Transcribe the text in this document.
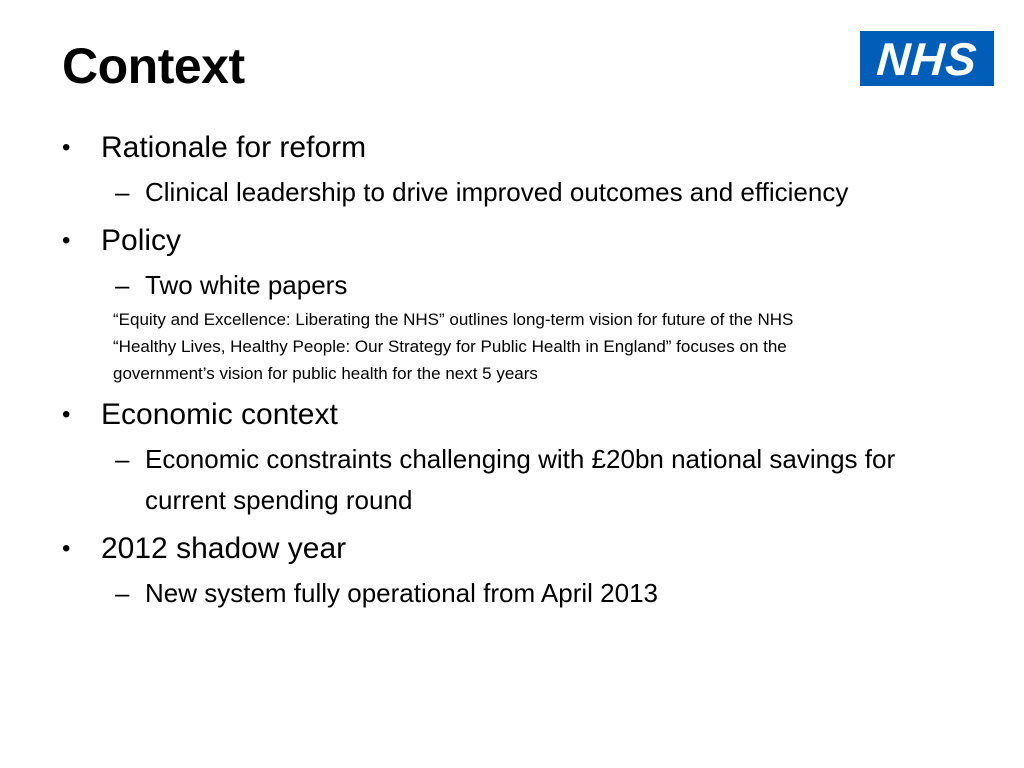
Context	NHS
• Rationale for reform
– Clinical leadership to drive improved outcomes and efficiency
• Policy
– Two white papers
“Equity and Excellence: Liberating the NHS” outlines long-term vision for future of the NHS
“Healthy Lives, Healthy People: Our Strategy for Public Health in England” focuses on the
government’s vision for public health for the next 5 years
• Economic context
– Economic constraints challenging with £20bn national savings for current spending round
• 2012 shadow year
– New system fully operational from April 2013
